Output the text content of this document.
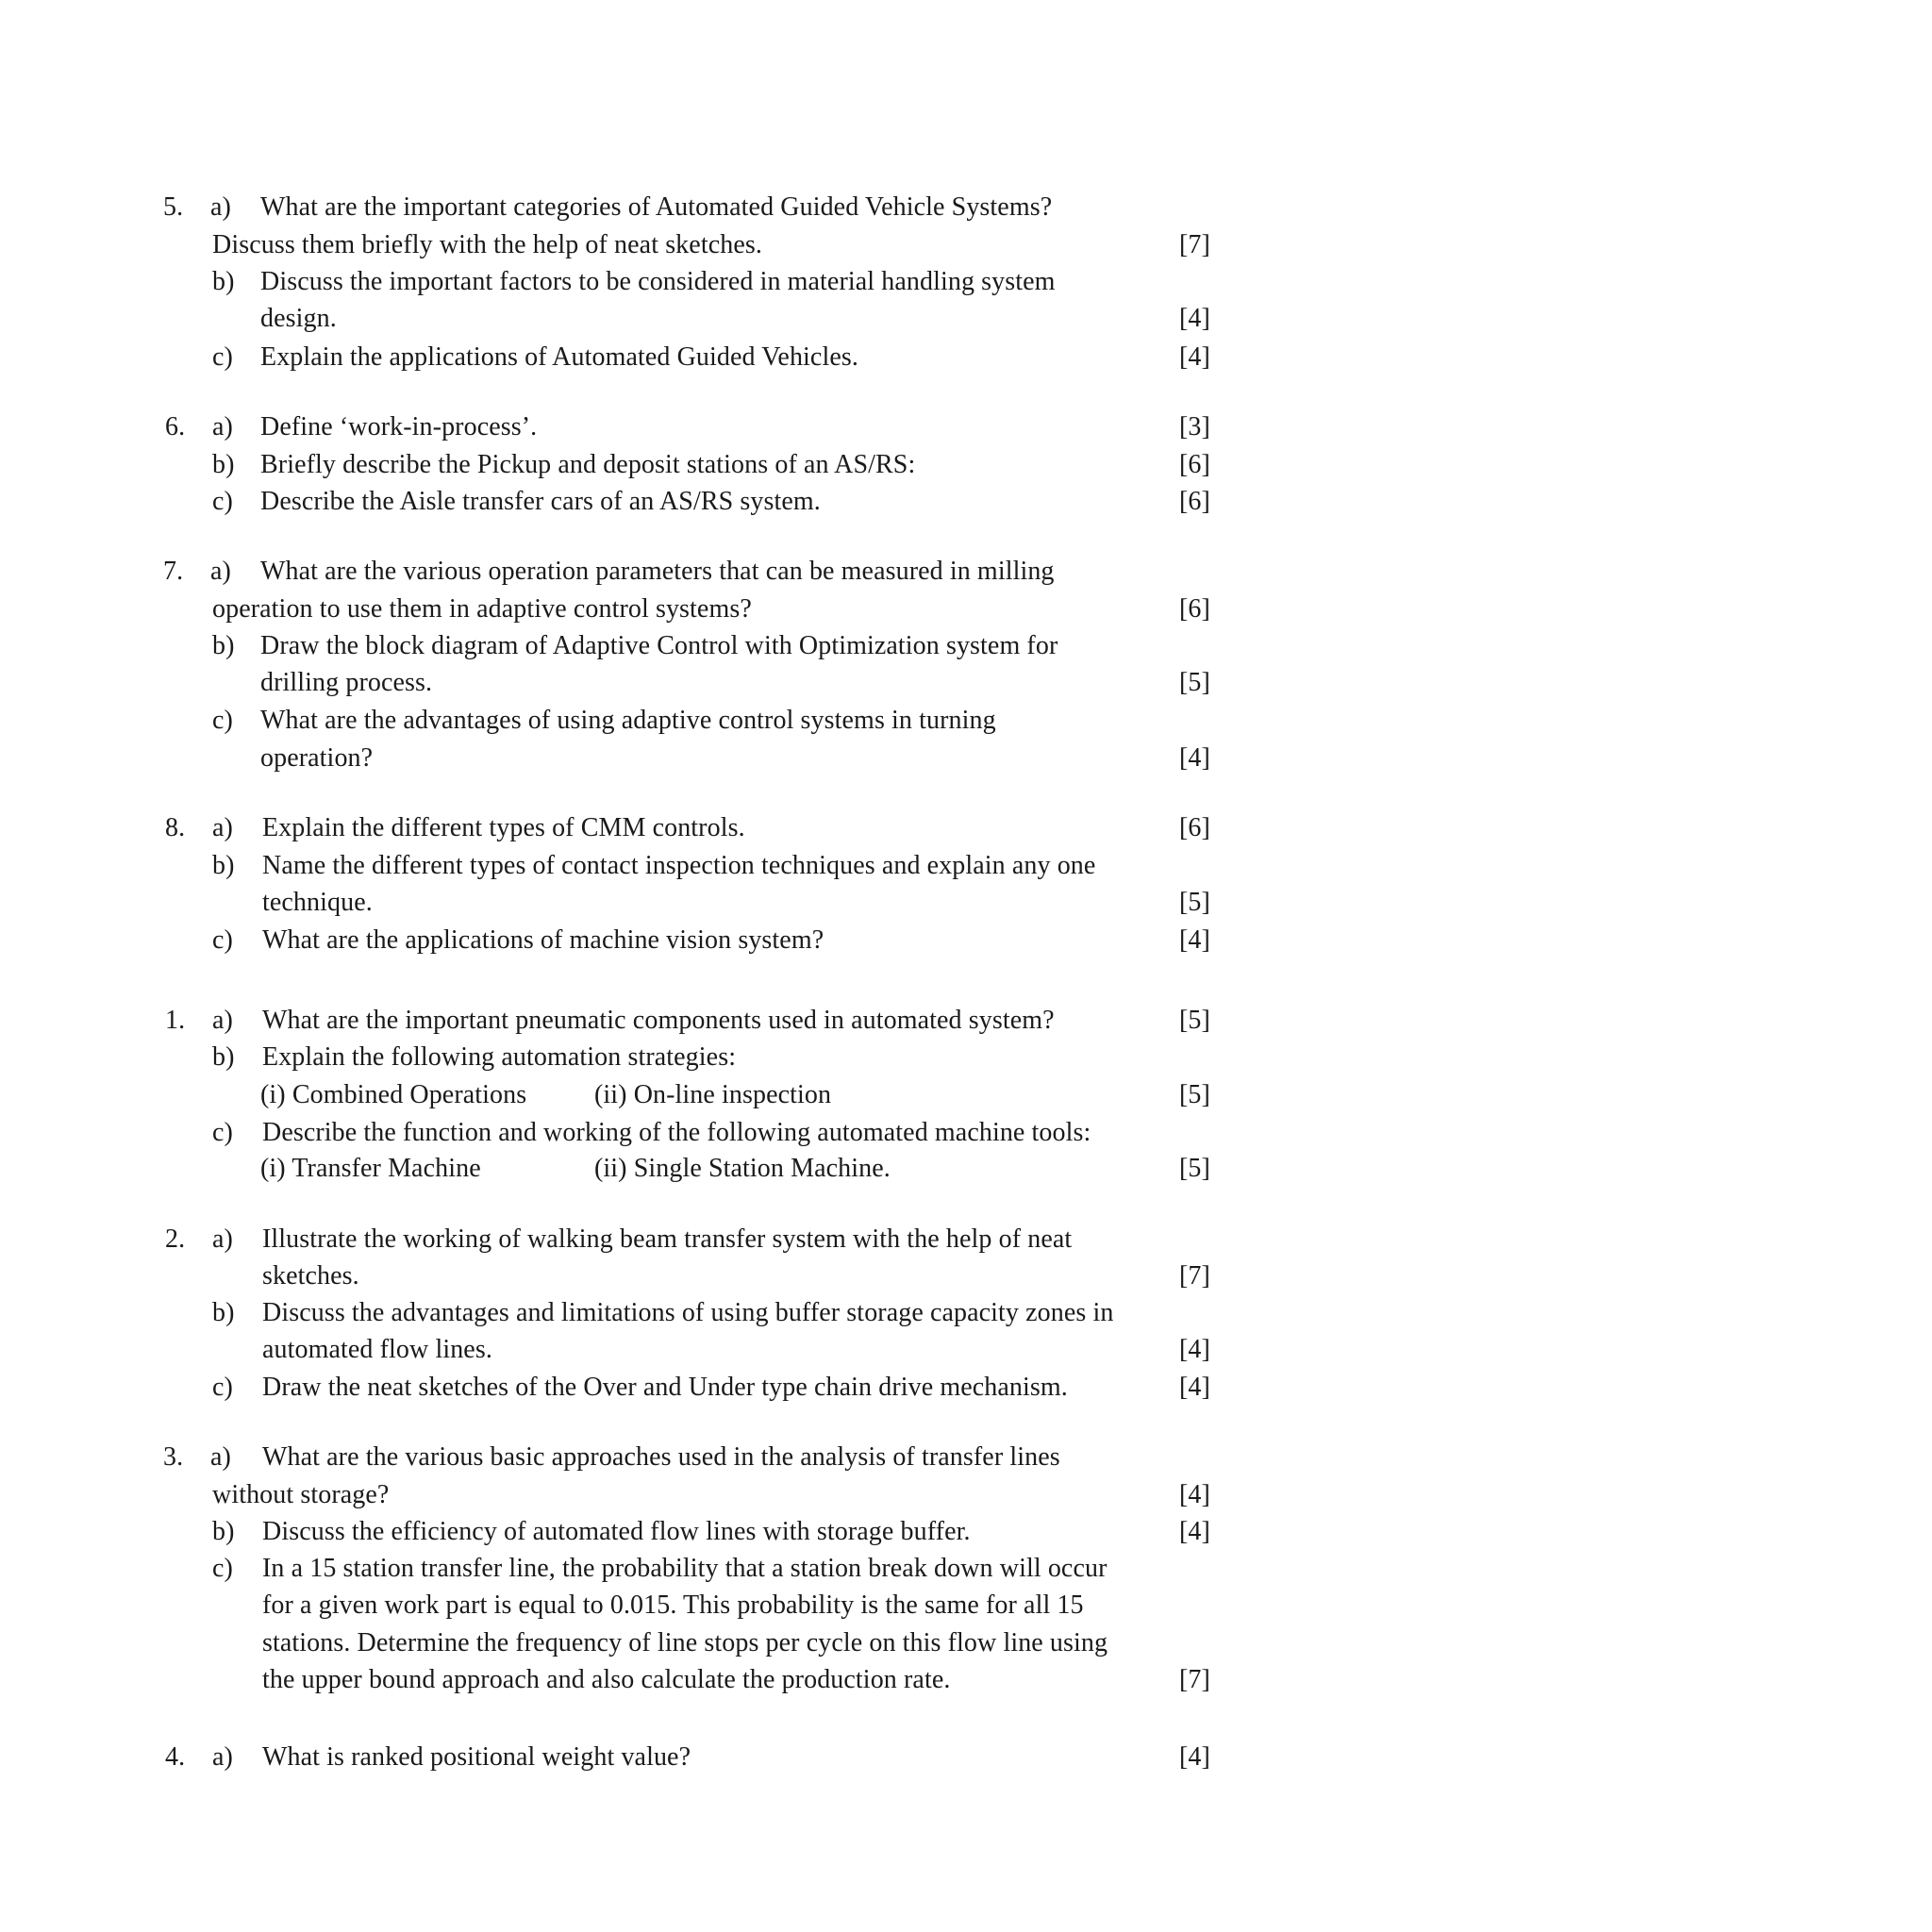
5. a) What are the important categories of Automated Guided Vehicle Systems?
Discuss them briefly with the help of neat sketches.	[7]
b) Discuss the important factors to be considered in material handling system
design.	[4]
c) Explain the applications of Automated Guided Vehicles.	[4]
6. a) Define ‘work-in-process’.	[3]
b) Briefly describe the Pickup and deposit stations of an AS/RS:	[6]
c) Describe the Aisle transfer cars of an AS/RS system.	[6]
7. a) What are the various operation parameters that can be measured in milling
operation to use them in adaptive control systems?	[6]
b) Draw the block diagram of Adaptive Control with Optimization system for
drilling process.	[5]
c) What are the advantages of using adaptive control systems in turning
operation?	[4]
8. a) Explain the different types of CMM controls.	[6]
b) Name the different types of contact inspection techniques and explain any one
technique.	[5]
c) What are the applications of machine vision system?	[4]
1. a) What are the important pneumatic components used in automated system?	[5]
b) Explain the following automation strategies:
(i) Combined Operations	(ii) On-line inspection	[5]
c) Describe the function and working of the following automated machine tools:
(i) Transfer Machine	(ii) Single Station Machine.	[5]
2. a) Illustrate the working of walking beam transfer system with the help of neat
sketches.	[7]
b) Discuss the advantages and limitations of using buffer storage capacity zones in
automated flow lines.	[4]
c) Draw the neat sketches of the Over and Under type chain drive mechanism.	[4]
3. a) What are the various basic approaches used in the analysis of transfer lines
without storage?	[4]
b) Discuss the efficiency of automated flow lines with storage buffer.	[4]
c) In a 15 station transfer line, the probability that a station break down will occur
for a given work part is equal to 0.015. This probability is the same for all 15
stations. Determine the frequency of line stops per cycle on this flow line using
the upper bound approach and also calculate the production rate.	[7]
4. a) What is ranked positional weight value?	[4]
